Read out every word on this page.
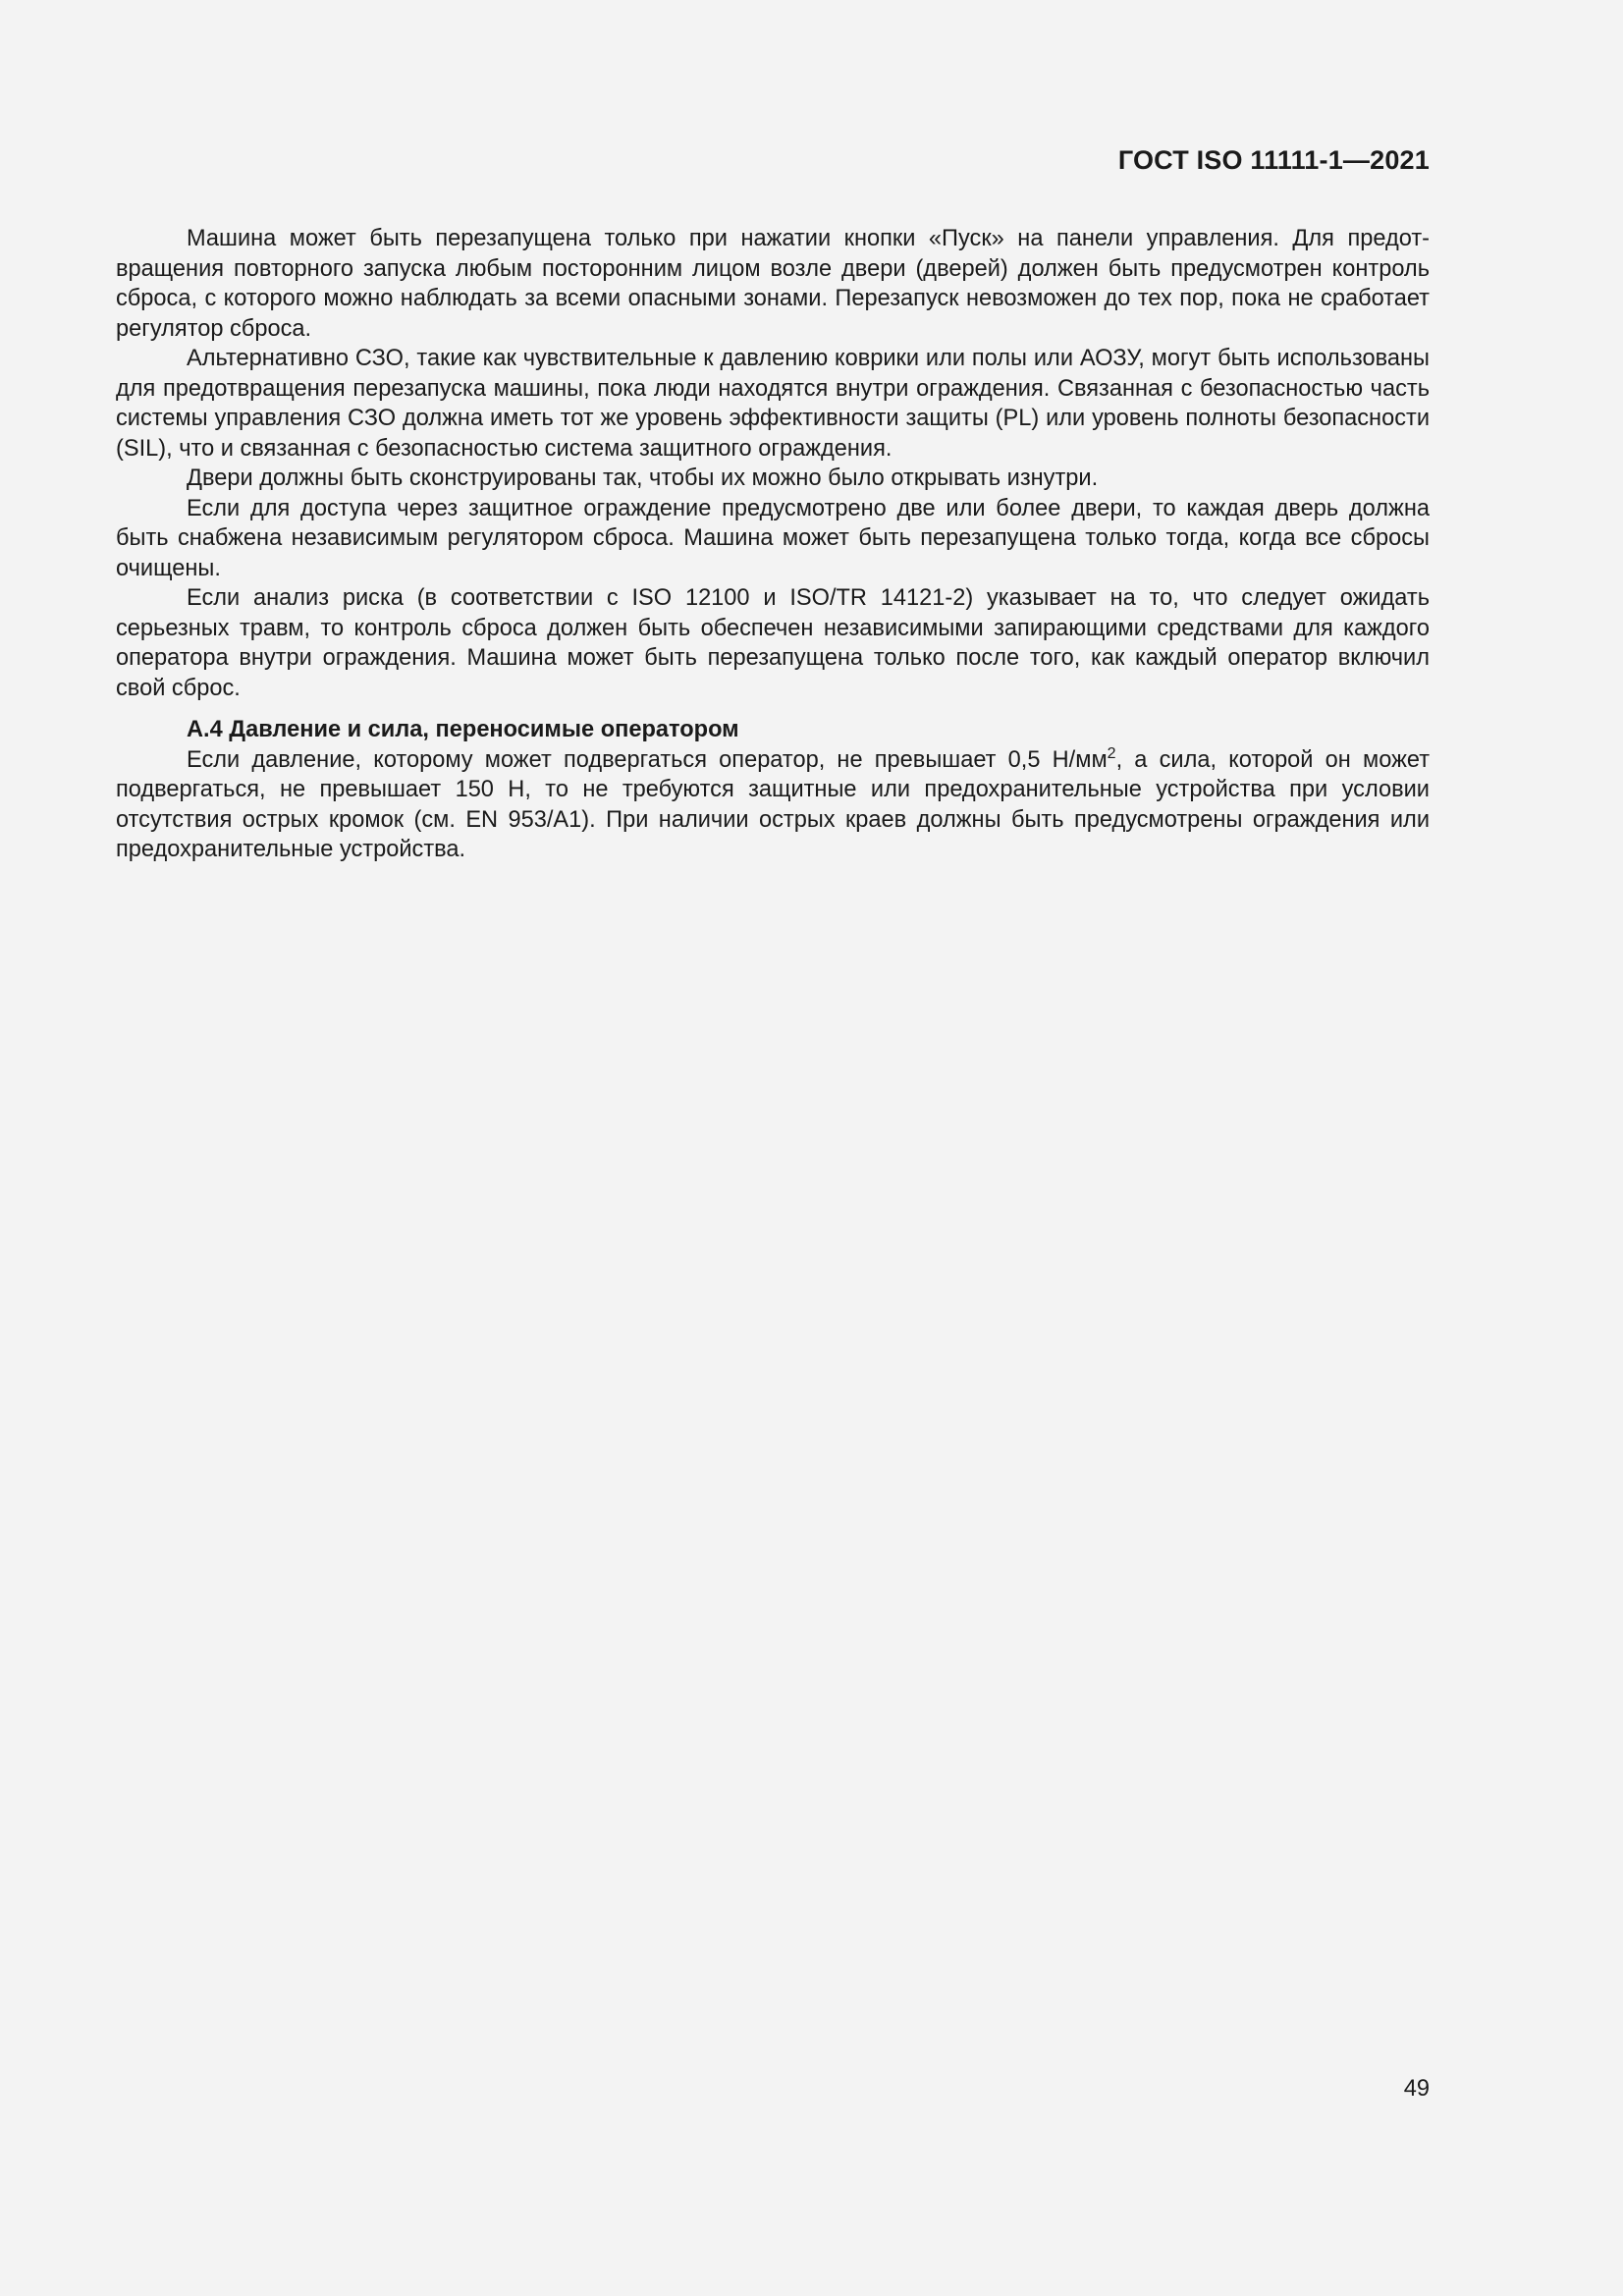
ГОСТ ISO 11111-1—2021

Машина может быть перезапущена только при нажатии кнопки «Пуск» на панели управления. Для предотвращения повторного запуска любым посторонним лицом возле двери (дверей) должен быть предусмотрен контроль сброса, с которого можно наблюдать за всеми опасными зонами. Перезапуск невозможен до тех пор, пока не сработает регулятор сброса.

Альтернативно СЗО, такие как чувствительные к давлению коврики или полы или АОЗУ, могут быть использованы для предотвращения перезапуска машины, пока люди находятся внутри ограждения. Связанная с безопасностью часть системы управления СЗО должна иметь тот же уровень эффективности защиты (PL) или уровень полноты безопасности (SIL), что и связанная с безопасностью система защитного ограждения.

Двери должны быть сконструированы так, чтобы их можно было открывать изнутри.

Если для доступа через защитное ограждение предусмотрено две или более двери, то каждая дверь должна быть снабжена независимым регулятором сброса. Машина может быть перезапущена только тогда, когда все сбросы очищены.

Если анализ риска (в соответствии с ISO 12100 и ISO/TR 14121-2) указывает на то, что следует ожидать серьезных травм, то контроль сброса должен быть обеспечен независимыми запирающими средствами для каждого оператора внутри ограждения. Машина может быть перезапущена только после того, как каждый оператор включил свой сброс.

А.4 Давление и сила, переносимые оператором

Если давление, которому может подвергаться оператор, не превышает 0,5 $Н/мм^2$, а сила, которой он может подвергаться, не превышает 150 Н, то не требуются защитные или предохранительные устройства при условии отсутствия острых кромок (см. EN 953/A1). При наличии острых краев должны быть предусмотрены ограждения или предохранительные устройства.

49
